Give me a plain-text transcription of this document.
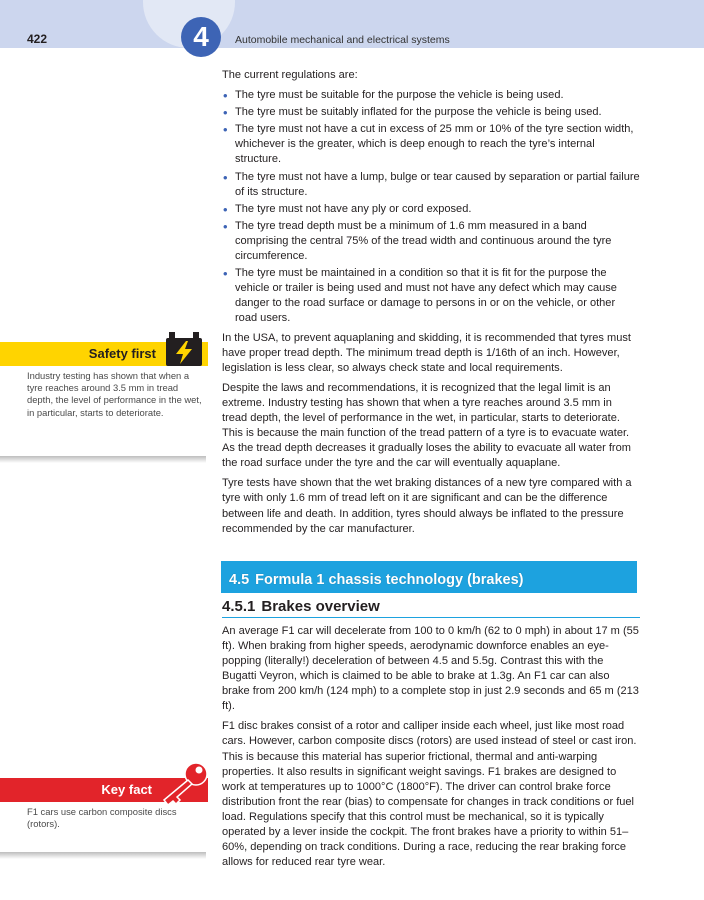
422	4	Automobile mechanical and electrical systems

The current regulations are:

• The tyre must be suitable for the purpose the vehicle is being used.
• The tyre must be suitably inflated for the purpose the vehicle is being used.
• The tyre must not have a cut in excess of 25 mm or 10% of the tyre section width, whichever is the greater, which is deep enough to reach the tyre’s internal structure.
• The tyre must not have a lump, bulge or tear caused by separation or partial failure of its structure.
• The tyre must not have any ply or cord exposed.
• The tyre tread depth must be a minimum of 1.6 mm measured in a band comprising the central 75% of the tread width and continuous around the tyre circumference.
• The tyre must be maintained in a condition so that it is fit for the purpose the vehicle or trailer is being used and must not have any defect which may cause danger to the road surface or damage to persons in or on the vehicle, or other road users.

In the USA, to prevent aquaplaning and skidding, it is recommended that tyres must have proper tread depth. The minimum tread depth is 1/16th of an inch. However, legislation is less clear, so always check state and local requirements.

Despite the laws and recommendations, it is recognized that the legal limit is an extreme. Industry testing has shown that when a tyre reaches around 3.5 mm in tread depth, the level of performance in the wet, in particular, starts to deteriorate. This is because the main function of the tread pattern of a tyre is to evacuate water. As the tread depth decreases it gradually loses the ability to evacuate all water from the road surface under the tyre and the car will eventually aquaplane.

Tyre tests have shown that the wet braking distances of a new tyre compared with a tyre with only 1.6 mm of tread left on it are significant and can be the difference between life and death. In addition, tyres should always be inflated to the pressure recommended by the car manufacturer.

4.5 Formula 1 chassis technology (brakes)
4.5.1 Brakes overview

An average F1 car will decelerate from 100 to 0 km/h (62 to 0 mph) in about 17 m (55 ft). When braking from higher speeds, aerodynamic downforce enables an eye-popping (literally!) deceleration of between 4.5 and 5.5g. Contrast this with the Bugatti Veyron, which is claimed to be able to brake at 1.3g. An F1 car can also brake from 200 km/h (124 mph) to a complete stop in just 2.9 seconds and 65 m (213 ft).

F1 disc brakes consist of a rotor and calliper inside each wheel, just like most road cars. However, carbon composite discs (rotors) are used instead of steel or cast iron. This is because this material has superior frictional, thermal and anti-warping properties. It also results in significant weight savings. F1 brakes are designed to work at temperatures up to 1000°C (1800°F). The driver can control brake force distribution front the rear (bias) to compensate for changes in track conditions or fuel load. Regulations specify that this control must be mechanical, so it is typically operated by a lever inside the cockpit. The front brakes have a priority to within 51–60%, depending on track conditions. During a race, reducing the rear braking force allows for reduced rear tyre wear.

Safety first
Industry testing has shown that when a tyre reaches around 3.5 mm in tread depth, the level of performance in the wet, in particular, starts to deteriorate.
Key fact
F1 cars use carbon composite discs (rotors).
